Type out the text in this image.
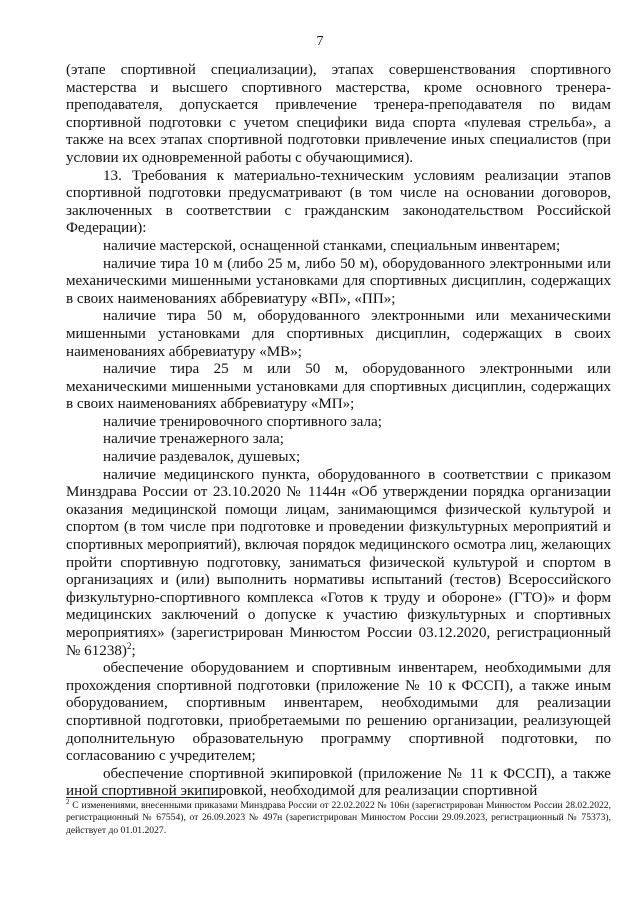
7

(этапе спортивной специализации), этапах совершенствования спортивного мастерства и высшего спортивного мастерства, кроме основного тренера-преподавателя, допускается привлечение тренера-преподавателя по видам спортивной подготовки с учетом специфики вида спорта «пулевая стрельба», а также на всех этапах спортивной подготовки привлечение иных специалистов (при условии их одновременной работы с обучающимися).

13. Требования к материально-техническим условиям реализации этапов спортивной подготовки предусматривают (в том числе на основании договоров, заключенных в соответствии с гражданским законодательством Российской Федерации):

наличие мастерской, оснащенной станками, специальным инвентарем;

наличие тира 10 м (либо 25 м, либо 50 м), оборудованного электронными или механическими мишенными установками для спортивных дисциплин, содержащих в своих наименованиях аббревиатуру «ВП», «ПП»;

наличие тира 50 м, оборудованного электронными или механическими мишенными установками для спортивных дисциплин, содержащих в своих наименованиях аббревиатуру «МВ»;

наличие тира 25 м или 50 м, оборудованного электронными или механическими мишенными установками для спортивных дисциплин, содержащих в своих наименованиях аббревиатуру «МП»;

наличие тренировочного спортивного зала;

наличие тренажерного зала;

наличие раздевалок, душевых;

наличие медицинского пункта, оборудованного в соответствии с приказом Минздрава России от 23.10.2020 № 1144н «Об утверждении порядка организации оказания медицинской помощи лицам, занимающимся физической культурой и спортом (в том числе при подготовке и проведении физкультурных мероприятий и спортивных мероприятий), включая порядок медицинского осмотра лиц, желающих пройти спортивную подготовку, заниматься физической культурой и спортом в организациях и (или) выполнить нормативы испытаний (тестов) Всероссийского физкультурно-спортивного комплекса «Готов к труду и обороне» (ГТО)» и форм медицинских заключений о допуске к участию физкультурных и спортивных мероприятиях» (зарегистрирован Минюстом России 03.12.2020, регистрационный № 61238)$^2$;

обеспечение оборудованием и спортивным инвентарем, необходимыми для прохождения спортивной подготовки (приложение № 10 к ФССП), а также иным оборудованием, спортивным инвентарем, необходимыми для реализации спортивной подготовки, приобретаемыми по решению организации, реализующей дополнительную образовательную программу спортивной подготовки, по согласованию с учредителем;

обеспечение спортивной экипировкой (приложение № 11 к ФССП), а также иной спортивной экипировкой, необходимой для реализации спортивной

$^2$ С изменениями, внесенными приказами Минздрава России от 22.02.2022 № 106н (зарегистрирован Минюстом России 28.02.2022, регистрационный № 67554), от 26.09.2023 № 497н (зарегистрирован Минюстом России 29.09.2023, регистрационный № 75373), действует до 01.01.2027.
